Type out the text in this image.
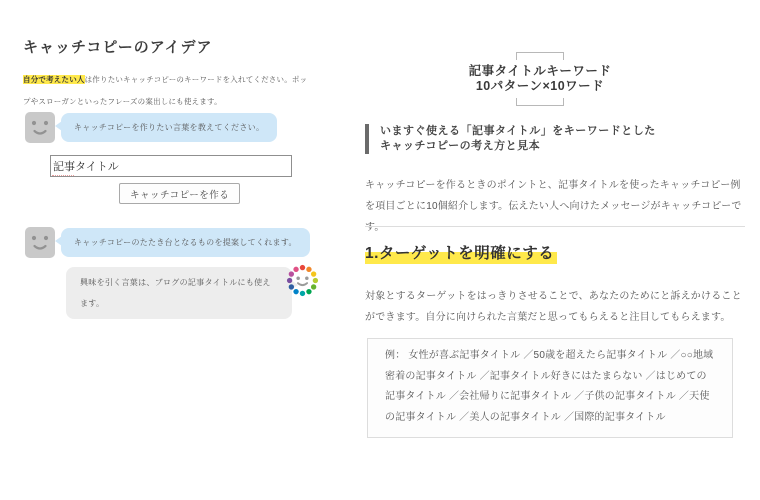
キャッチコピーのアイデア

自分で考えたい人は作りたいキャッチコピーのキーワードを入れてください。ポップやスローガンといったフレーズの案出しにも使えます。

キャッチコピーを作りたい言葉を教えてください。
記事タイトル
キャッチコピーを作る
キャッチコピーのたたき台となるものを提案してくれます。
興味を引く言葉は、ブログの記事タイトルにも使えます。
記事タイトルキーワード
10パターン×10ワード
いますぐ使える「記事タイトル」をキーワードとした
キャッチコピーの考え方と見本

キャッチコピーを作るときのポイントと、記事タイトルを使ったキャッチコピー例を項目ごとに10個紹介します。伝えたい人へ向けたメッセージがキャッチコピーです。

1.ターゲットを明確にする

対象とするターゲットをはっきりさせることで、あなたのためにと訴えかけることができます。自分に向けられた言葉だと思ってもらえると注目してもらえます。

例： 女性が喜ぶ記事タイトル ／50歳を超えたら記事タイトル ／○○地域密着の記事タイトル ／記事タイトル好きにはたまらない ／はじめての記事タイトル ／会社帰りに記事タイトル ／子供の記事タイトル ／天使の記事タイトル ／美人の記事タイトル ／国際的記事タイトル
